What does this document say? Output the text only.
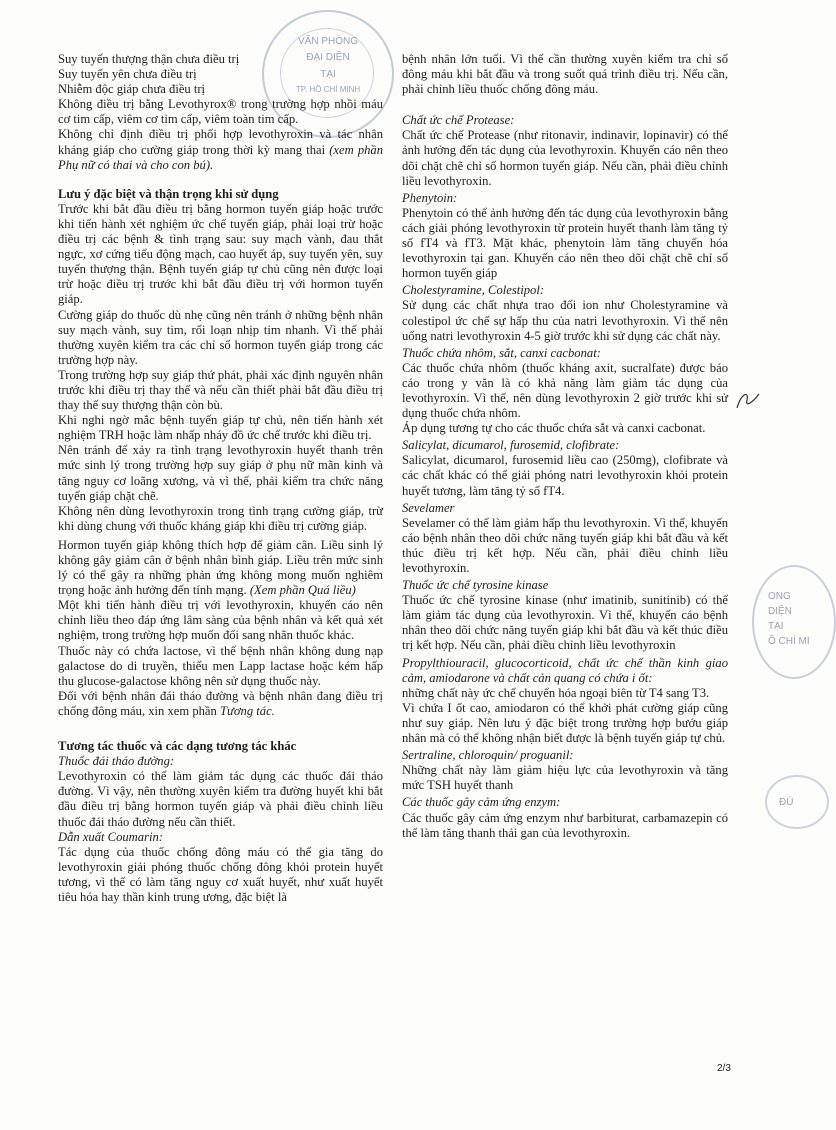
VĂN PHÒNG
ĐẠI DIỆN
TẠI
TP. HỒ CHÍ MINH
ONG
DIỆN
TẠI
Ồ CHÍ MI
ĐÚ

Suy tuyến thượng thận chưa điều trị

Suy tuyến yên chưa điều trị

Nhiễm độc giáp chưa điều trị

Không điều trị bằng Levothyrox® trong trường hợp nhồi máu cơ tim cấp, viêm cơ tim cấp, viêm toàn tim cấp.

Không chỉ định điều trị phối hợp levothyroxin và tác nhân kháng giáp cho cường giáp trong thời kỳ mang thai (xem phần Phụ nữ có thai và cho con bú).

Lưu ý đặc biệt và thận trọng khi sử dụng

Trước khi bắt đầu điều trị bằng hormon tuyến giáp hoặc trước khi tiến hành xét nghiệm ức chế tuyến giáp, phải loại trừ hoặc điều trị các bệnh & tình trạng sau: suy mạch vành, đau thắt ngực, xơ cứng tiểu động mạch, cao huyết áp, suy tuyến yên, suy tuyến thượng thận. Bệnh tuyến giáp tự chủ cũng nên được loại trừ hoặc điều trị trước khi bắt đầu điều trị với hormon tuyến giáp.

Cường giáp do thuốc dù nhẹ cũng nên tránh ở những bệnh nhân suy mạch vành, suy tim, rối loạn nhịp tim nhanh. Vì thế phải thường xuyên kiểm tra các chỉ số hormon tuyến giáp trong các trường hợp này.

Trong trường hợp suy giáp thứ phát, phải xác định nguyên nhân trước khi điều trị thay thế và nếu cần thiết phải bắt đầu điều trị thay thế suy thượng thận còn bù.

Khi nghi ngờ mắc bệnh tuyến giáp tự chủ, nên tiến hành xét nghiệm TRH hoặc làm nhấp nháy đồ ức chế trước khi điều trị.

Nên tránh để xảy ra tình trạng levothyroxin huyết thanh trên mức sinh lý trong trường hợp suy giáp ở phụ nữ mãn kinh và tăng nguy cơ loãng xương, và vì thế, phải kiểm tra chức năng tuyến giáp chặt chẽ.

Không nên dùng levothyroxin trong tình trạng cường giáp, trừ khi dùng chung với thuốc kháng giáp khi điều trị cường giáp.

Hormon tuyến giáp không thích hợp để giảm cân. Liều sinh lý không gây giảm cân ở bệnh nhân bình giáp. Liều trên mức sinh lý có thể gây ra những phản ứng không mong muốn nghiêm trọng hoặc ảnh hưởng đến tính mạng. (Xem phần Quá liều)

Một khi tiến hành điều trị với levothyroxin, khuyến cáo nên chỉnh liều theo đáp ứng lâm sàng của bệnh nhân và kết quả xét nghiệm, trong trường hợp muốn đổi sang nhãn thuốc khác.

Thuốc này có chứa lactose, vì thế bệnh nhân không dung nạp galactose do di truyền, thiếu men Lapp lactase hoặc kém hấp thu glucose-galactose không nên sử dụng thuốc này.

Đối với bệnh nhân đái tháo đường và bệnh nhân đang điều trị chống đông máu, xin xem phần Tương tác.

Tương tác thuốc và các dạng tương tác khác

Thuốc đái tháo đường:

Levothyroxin có thể làm giảm tác dụng các thuốc đái tháo đường. Vì vậy, nên thường xuyên kiểm tra đường huyết khi bắt đầu điều trị bằng hormon tuyến giáp và phải điều chỉnh liều thuốc đái tháo đường nếu cần thiết.

Dẫn xuất Coumarin:

Tác dụng của thuốc chống đông máu có thể gia tăng do levothyroxin giải phóng thuốc chống đông khỏi protein huyết tương, vì thế có làm tăng nguy cơ xuất huyết, như xuất huyết tiêu hóa hay thần kinh trung ương, đặc biệt là

bệnh nhân lớn tuổi. Vì thế cần thường xuyên kiểm tra chỉ số đông máu khi bắt đầu và trong suốt quá trình điều trị. Nếu cần, phải chỉnh liều thuốc chống đông máu.

Chất ức chế Protease:

Chất ức chế Protease (như ritonavir, indinavir, lopinavir) có thể ảnh hưởng đến tác dụng của levothyroxin. Khuyến cáo nên theo dõi chặt chẽ chỉ số hormon tuyến giáp. Nếu cần, phải điều chỉnh liều levothyroxin.

Phenytoin:

Phenytoin có thể ảnh hưởng đến tác dụng của levothyroxin bằng cách giải phóng levothyroxin từ protein huyết thanh làm tăng tỷ số fT4 và fT3. Mặt khác, phenytoin làm tăng chuyển hóa levothyroxin tại gan. Khuyến cáo nên theo dõi chặt chẽ chỉ số hormon tuyến giáp

Cholestyramine, Colestipol:

Sử dụng các chất nhựa trao đổi ion như Cholestyramine và colestipol ức chế sự hấp thu của natri levothyroxin. Vì thế nên uống natri levothyroxin 4-5 giờ trước khi sử dụng các chất này.

Thuốc chứa nhôm, sắt, canxi cacbonat:

Các thuốc chứa nhôm (thuốc kháng axit, sucralfate) được báo cáo trong y văn là có khả năng làm giảm tác dụng của levothyroxin. Vì thế, nên dùng levothyroxin 2 giờ trước khi sử dụng thuốc chứa nhôm.

Áp dụng tương tự cho các thuốc chứa sắt và canxi cacbonat.

Salicylat, dicumarol, furosemid, clofibrate:

Salicylat, dicumarol, furosemid liều cao (250mg), clofibrate và các chất khác có thể giải phóng natri levothyroxin khỏi protein huyết tương, làm tăng tỷ số fT4.

Sevelamer

Sevelamer có thể làm giảm hấp thu levothyroxin. Vì thế, khuyến cáo bệnh nhân theo dõi chức năng tuyến giáp khi bắt đầu và kết thúc điều trị kết hợp. Nếu cần, phải điều chỉnh liều levothyroxin.

Thuốc ức chế tyrosine kinase

Thuốc ức chế tyrosine kinase (như imatinib, sunitinib) có thể làm giảm tác dụng của levothyroxin. Vì thế, khuyến cáo bệnh nhân theo dõi chức năng tuyến giáp khi bắt đầu và kết thúc điều trị kết hợp. Nếu cần, phải điều chỉnh liều levothyroxin

Propylthiouracil, glucocorticoid, chất ức chế thần kinh giao cảm, amiodarone và chất cản quang có chứa i ốt:

những chất này ức chế chuyển hóa ngoại biên từ T4 sang T3.

Vì chứa I ốt cao, amiodaron có thể khởi phát cường giáp cũng như suy giáp. Nên lưu ý đặc biệt trong trường hợp bướu giáp nhân mà có thể không nhận biết được là bệnh tuyến giáp tự chủ.

Sertraline, chloroquin/ proguanil:

Những chất này làm giảm hiệu lực của levothyroxin và tăng mức TSH huyết thanh

Các thuốc gây cảm ứng enzym:

Các thuốc gây cảm ứng enzym như barbiturat, carbamazepin có thể làm tăng thanh thải gan của levothyroxin.

2/3
